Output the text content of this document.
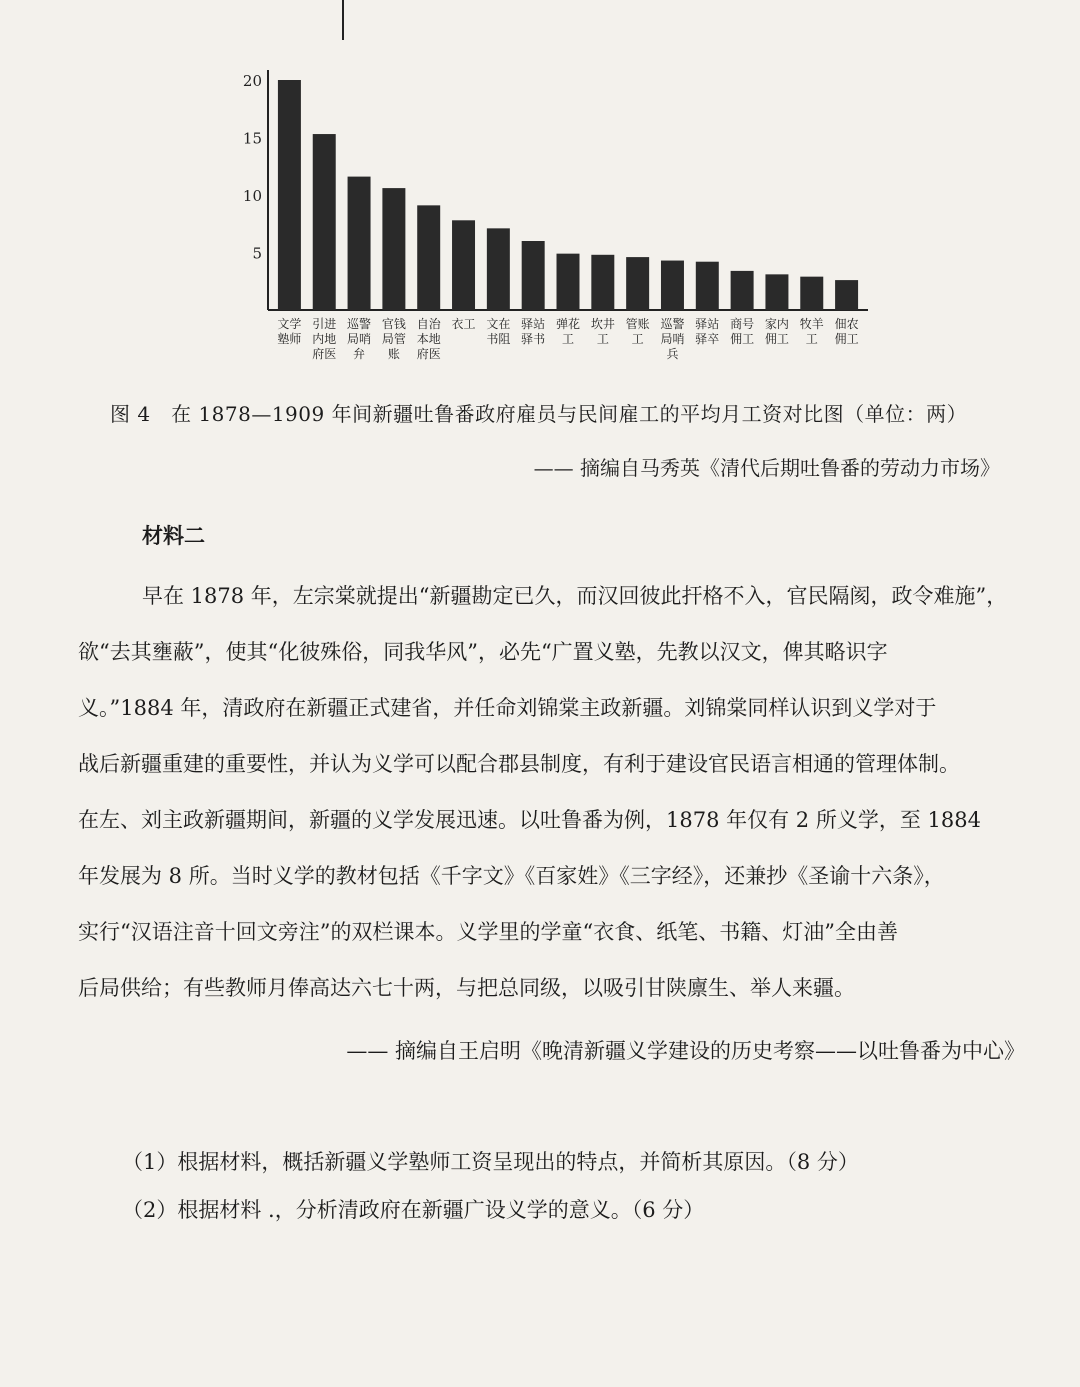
5
10
15
20
文学
塾师
引进
内地
府医
巡警
局哨
弁
官钱
局管
账
自治
本地
府医
衣工 文在
书阻
驿站
驿书
弹花
工
坎井
工
管账
工
巡警
局哨
兵
驿站
驿卒
商号
佣工
家内
佣工
牧羊
工
佃农
佣工
图 4　在 1878—1909 年间新疆吐鲁番政府雇员与民间雇工的平均月工资对比图（单位：两）
—— 摘编自马秀英《清代后期吐鲁番的劳动力市场》
材料二
早在 1878 年，左宗棠就提出“新疆勘定已久，而汉回彼此扞格不入，官民隔阂，政令难施”，
欲“去其壅蔽”，使其“化彼殊俗，同我华风”，必先“广置义塾，先教以汉文，俾其略识字
义。”1884 年，清政府在新疆正式建省，并任命刘锦棠主政新疆。刘锦棠同样认识到义学对于
战后新疆重建的重要性，并认为义学可以配合郡县制度，有利于建设官民语言相通的管理体制。
在左、刘主政新疆期间，新疆的义学发展迅速。以吐鲁番为例，1878 年仅有 2 所义学，至 1884
年发展为 8 所。当时义学的教材包括《千字文》《百家姓》《三字经》，还兼抄《圣谕十六条》，
实行“汉语注音十回文旁注”的双栏课本。义学里的学童“衣食、纸笔、书籍、灯油”全由善
后局供给；有些教师月俸高达六七十两，与把总同级，以吸引甘陕廪生、举人来疆。
—— 摘编自王启明《晚清新疆义学建设的历史考察——以吐鲁番为中心》
（1）根据材料，概括新疆义学塾师工资呈现出的特点，并简析其原因。（8 分）
（2）根据材料 .，分析清政府在新疆广设义学的意义。（6 分）
